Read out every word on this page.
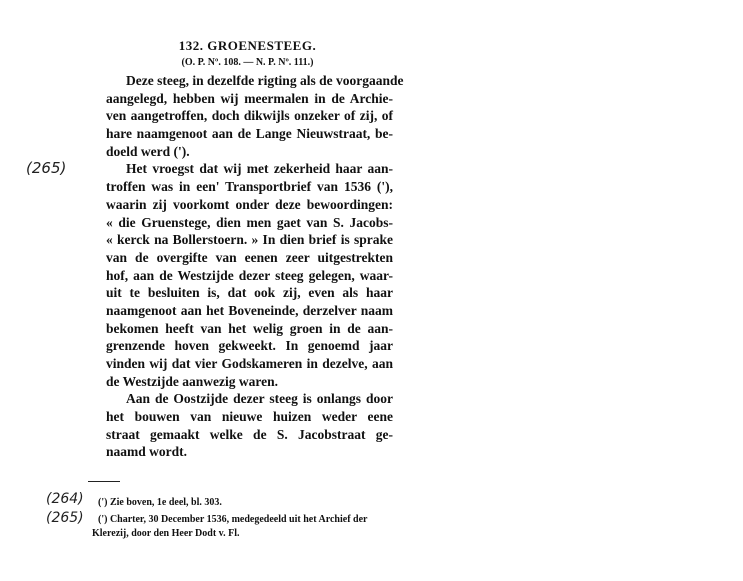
132. GROENESTEEG.
(O. P. Nº. 108. — N. P. Nº. 111.)
(265)
Deze steeg, in dezelfde rigting als de voorgaande
aangelegd, hebben wij meermalen in de Archie-
ven aangetroffen, doch dikwijls onzeker of zij, of
hare naamgenoot aan de Lange Nieuwstraat, be-
doeld werd (').
Het vroegst dat wij met zekerheid haar aan-
troffen was in een' Transportbrief van 1536 ('),
waarin zij voorkomt onder deze bewoordingen:
« die Gruenstege, dien men gaet van S. Jacobs-
« kerck na Bollerstoern. » In dien brief is sprake
van de overgifte van eenen zeer uitgestrekten
hof, aan de Westzijde dezer steeg gelegen, waar-
uit te besluiten is, dat ook zij, even als haar
naamgenoot aan het Boveneinde, derzelver naam
bekomen heeft van het welig groen in de aan-
grenzende hoven gekweekt. In genoemd jaar
vinden wij dat vier Godskameren in dezelve, aan
de Westzijde aanwezig waren.
Aan de Oostzijde dezer steeg is onlangs door
het bouwen van nieuwe huizen weder eene
straat gemaakt welke de S. Jacobstraat ge-
naamd wordt.
(264)
(265)
(') Zie boven, 1e deel, bl. 303.
(') Charter, 30 December 1536, medegedeeld uit het Archief der
Klerezij, door den Heer Dodt v. Fl.
